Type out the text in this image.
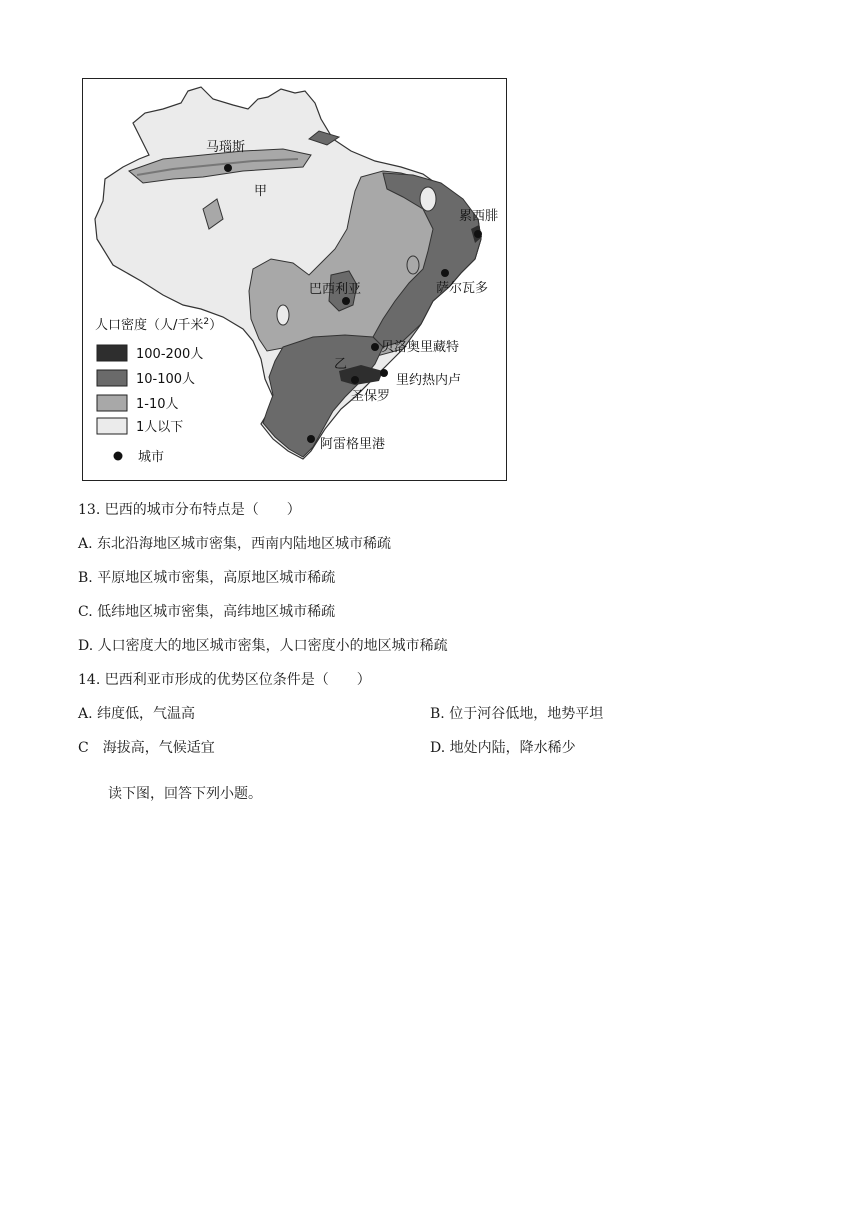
人口密度（人/千米$^2$）
100-200人
10-100人
1-10人
1人以下
城市
马瑙斯
甲
累西腓
萨尔瓦多
巴西利亚
贝洛奥里藏特
乙
里约热内卢
圣保罗
阿雷格里港
13. 巴西的城市分布特点是（　　）
A. 东北沿海地区城市密集，西南内陆地区城市稀疏
B. 平原地区城市密集，高原地区城市稀疏
C. 低纬地区城市密集，高纬地区城市稀疏
D. 人口密度大的地区城市密集，人口密度小的地区城市稀疏
14. 巴西利亚市形成的优势区位条件是（　　）
A. 纬度低，气温高	B. 位于河谷低地，地势平坦
C　海拔高，气候适宜	D. 地处内陆，降水稀少
读下图，回答下列小题。
